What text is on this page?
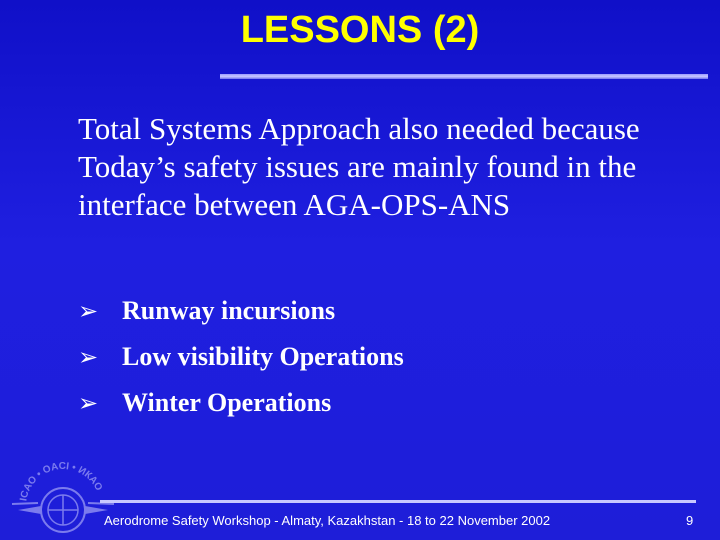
LESSONS (2)

Total Systems Approach also needed because Today’s safety issues are mainly found in the interface between AGA-OPS-ANS

➢ Runway incursions
➢ Low visibility Operations
➢ Winter Operations
ICAO • OACI • ИКАО
Aerodrome Safety Workshop - Almaty, Kazakhstan - 18 to 22 November 2002	9
